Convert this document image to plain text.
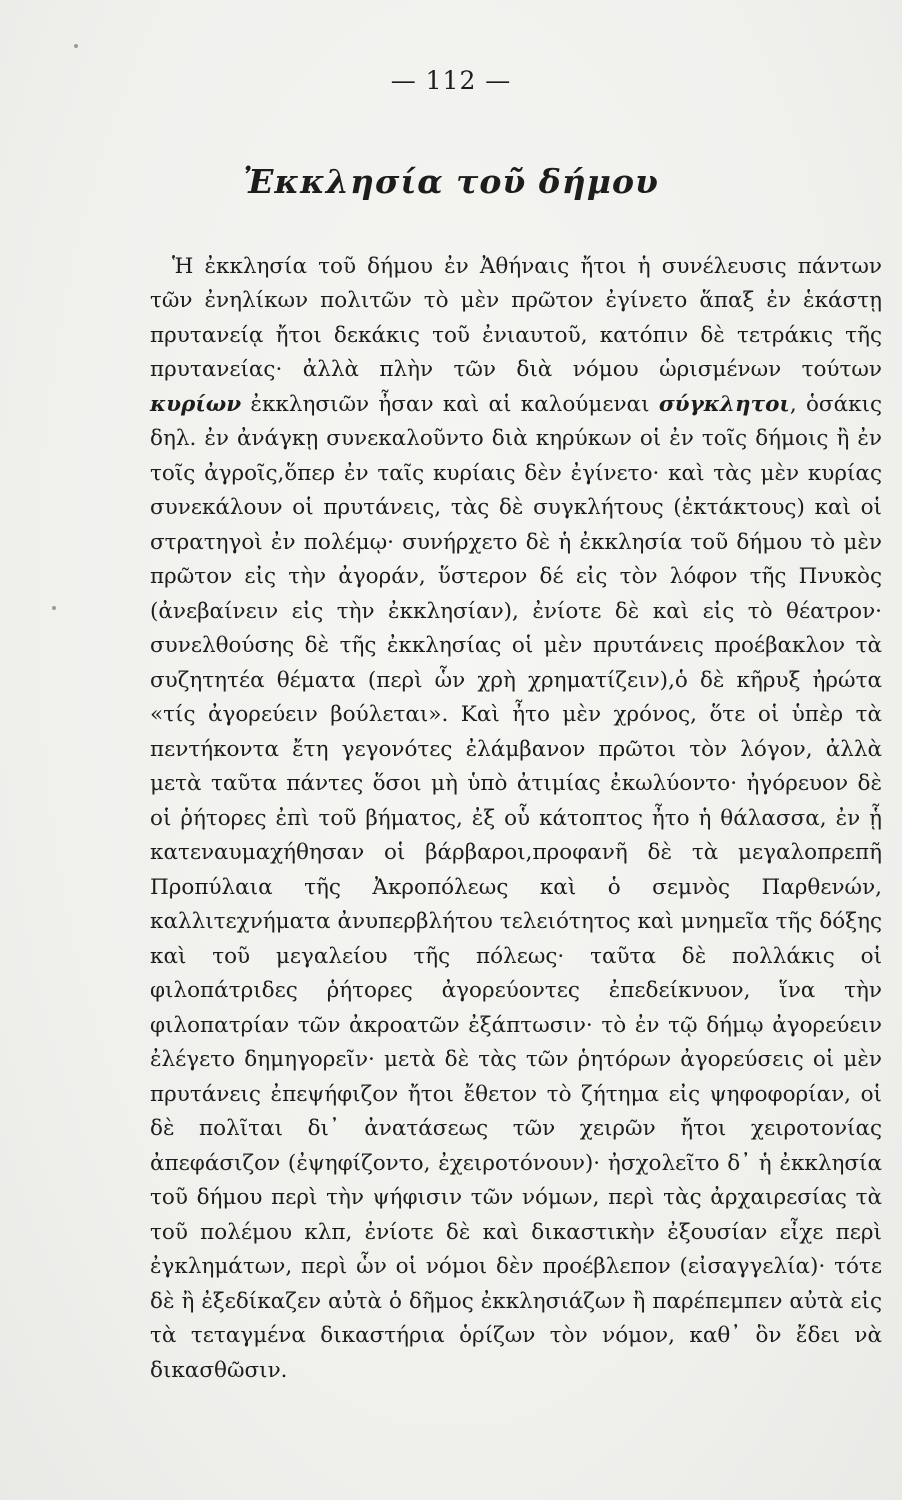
— 112 —
Ἐκκλησία τοῦ δήμου

Ἡ ἐκκλησία τοῦ δήμου ἐν Ἀθήναις ἤτοι ἡ συνέλευσις πάντων τῶν ἐνηλίκων πολιτῶν τὸ μὲν πρῶτον ἐγίνετο ἅπαξ ἐν ἑκάστῃ πρυτανείᾳ ἤτοι δεκάκις τοῦ ἐνιαυτοῦ, κατόπιν δὲ τετράκις τῆς πρυτανείας· ἀλλὰ πλὴν τῶν διὰ νόμου ὡρισμένων τούτων κυρίων ἐκκλησιῶν ἦσαν καὶ αἱ καλούμεναι σύγκλητοι, ὁσάκις δηλ. ἐν ἀνάγκῃ συνεκαλοῦντο διὰ κηρύκων οἱ ἐν τοῖς δήμοις ἢ ἐν τοῖς ἀγροῖς,ὅπερ ἐν ταῖς κυρίαις δὲν ἐγίνετο· καὶ τὰς μὲν κυρίας συνεκάλουν οἱ πρυτάνεις, τὰς δὲ συγκλήτους (ἐκτάκτους) καὶ οἱ στρατηγοὶ ἐν πολέμῳ· συνήρχετο δὲ ἡ ἐκκλησία τοῦ δήμου τὸ μὲν πρῶτον εἰς τὴν ἀγοράν, ὕστερον δέ εἰς τὸν λόφον τῆς Πνυκὸς (ἀνεβαίνειν εἰς τὴν ἐκκλησίαν), ἐνίοτε δὲ καὶ εἰς τὸ θέατρον· συνελθούσης δὲ τῆς ἐκκλησίας οἱ μὲν πρυτάνεις προέβακλον τὰ συζητητέα θέματα (περὶ ὧν χρὴ χρηματίζειν),ὁ δὲ κῆρυξ ἠρώτα «τίς ἀγορεύειν βούλεται». Καὶ ἦτο μὲν χρόνος, ὅτε οἱ ὑπὲρ τὰ πεντήκοντα ἔτη γεγονότες ἐλάμβανον πρῶτοι τὸν λόγον, ἀλλὰ μετὰ ταῦτα πάντες ὅσοι μὴ ὑπὸ ἀτιμίας ἐκωλύοντο· ἠγόρευον δὲ οἱ ῥήτορες ἐπὶ τοῦ βήματος, ἐξ οὗ κάτοπτος ἦτο ἡ θάλασσα, ἐν ᾗ κατεναυμαχήθησαν οἱ βάρβαροι,προφανῆ δὲ τὰ μεγαλοπρεπῆ Προπύλαια τῆς Ἀκροπόλεως καὶ ὁ σεμνὸς Παρθενών, καλλιτεχνήματα ἀνυπερβλήτου τελειότητος καὶ μνημεῖα τῆς δόξης καὶ τοῦ μεγαλείου τῆς πόλεως· ταῦτα δὲ πολλάκις οἱ φιλοπάτριδες ῥήτορες ἀγορεύοντες ἐπεδείκνυον, ἵνα τὴν φιλοπατρίαν τῶν ἀκροατῶν ἐξάπτωσιν· τὸ ἐν τῷ δήμῳ ἀγορεύειν ἐλέγετο δημηγορεῖν· μετὰ δὲ τὰς τῶν ῥητόρων ἀγορεύσεις οἱ μὲν πρυτάνεις ἐπεψήφιζον ἤτοι ἔθετον τὸ ζήτημα εἰς ψηφοφορίαν, οἱ δὲ πολῖται δι᾿ ἀνατάσεως τῶν χειρῶν ἤτοι χειροτονίας ἀπεφάσιζον (ἐψηφίζοντο, ἐχειροτόνουν)· ἠσχολεῖτο δ᾿ ἡ ἐκκλησία τοῦ δήμου περὶ τὴν ψήφισιν τῶν νόμων, περὶ τὰς ἀρχαιρεσίας τὰ τοῦ πολέμου κλπ, ἐνίοτε δὲ καὶ δικαστικὴν ἐξουσίαν εἶχε περὶ ἐγκλημάτων, περὶ ὧν οἱ νόμοι δὲν προέβλεπον (εἰσαγγελία)· τότε δὲ ἢ ἐξεδίκαζεν αὐτὰ ὁ δῆμος ἐκκλησιάζων ἢ παρέπεμπεν αὐτὰ εἰς τὰ τεταγμένα δικαστήρια ὁρίζων τὸν νόμον, καθ᾿ ὃν ἔδει νὰ δικασθῶσιν.
